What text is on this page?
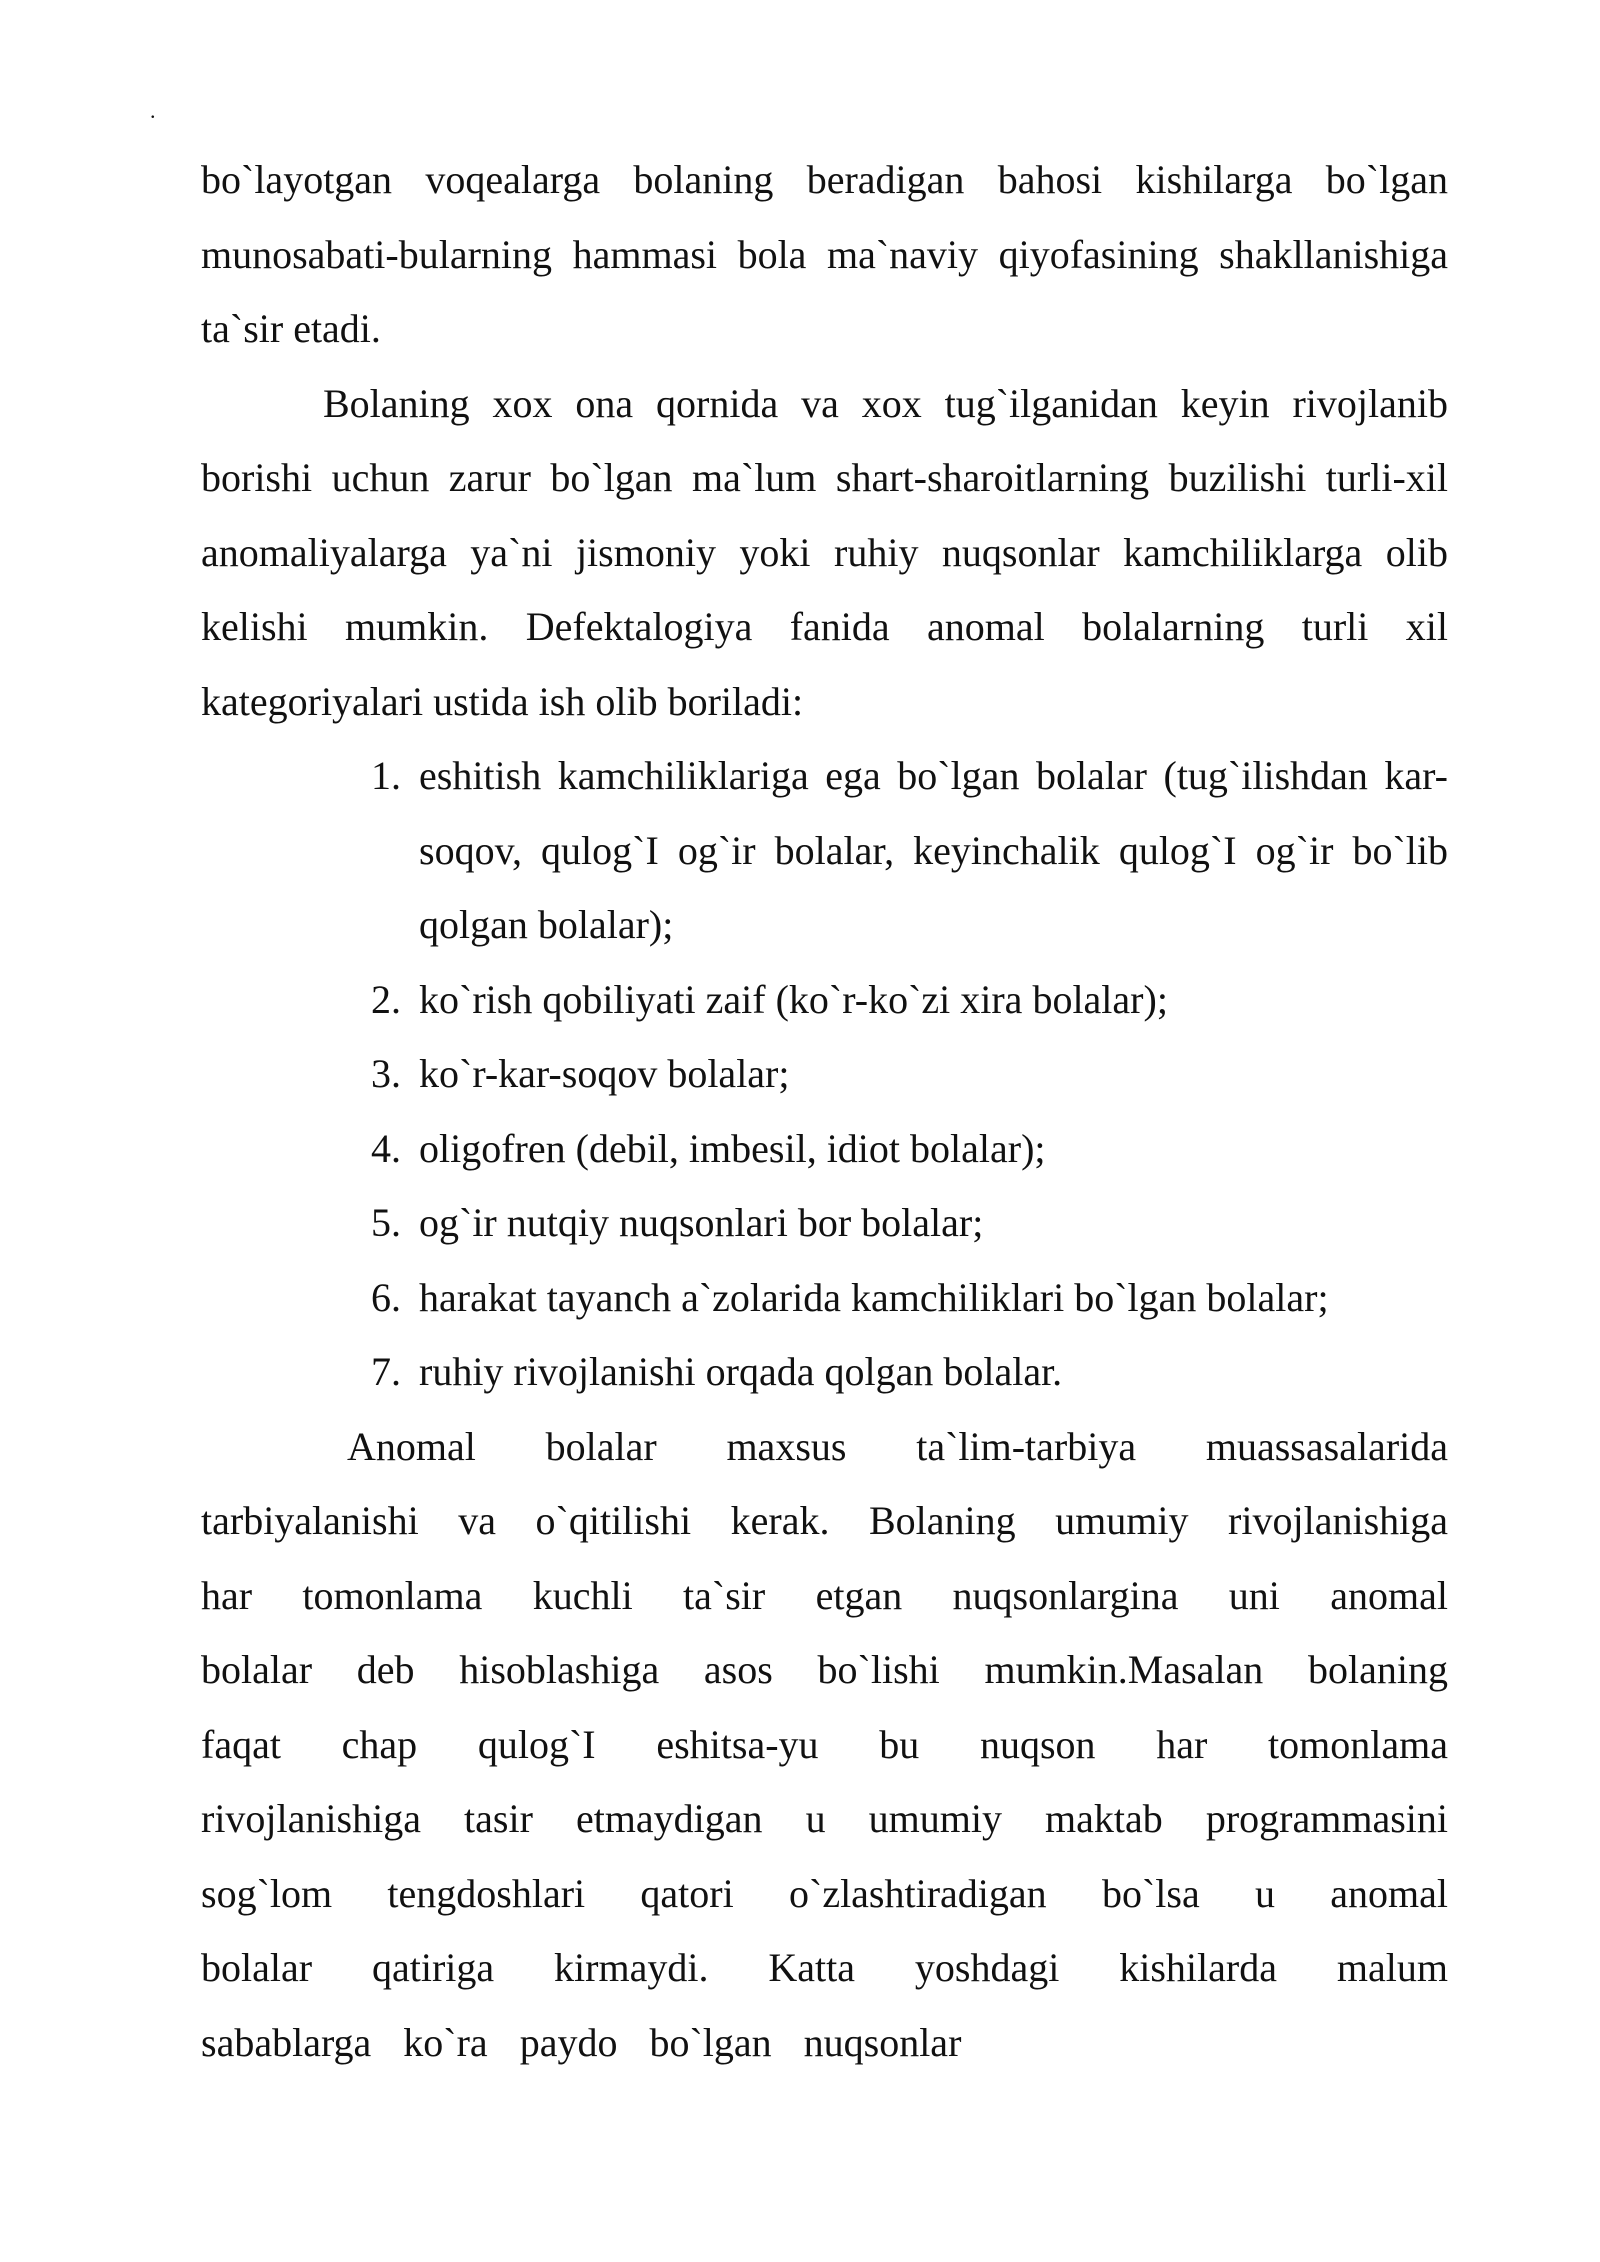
.

bo`layotgan voqealarga bolaning beradigan bahosi kishilarga bo`lgan munosabati-bularning hammasi bola ma`naviy qiyofasining shakllanishiga ta`sir etadi.

Bolaning xox ona qornida va xox tug`ilganidan keyin rivojlanib borishi uchun zarur bo`lgan ma`lum shart-sharoitlarning buzilishi turli-xil anomaliyalarga ya`ni jismoniy yoki ruhiy nuqsonlar kamchiliklarga olib kelishi mumkin. Defektalogiya fanida anomal bolalarning turli xil kategoriyalari ustida ish olib boriladi:

1. eshitish kamchiliklariga ega bo`lgan bolalar (tug`ilishdan kar-soqov, qulog`I og`ir bolalar, keyinchalik qulog`I og`ir bo`lib qolgan bolalar);
2. ko`rish qobiliyati zaif (ko`r-ko`zi xira bolalar);
3. ko`r-kar-soqov bolalar;
4. oligofren (debil, imbesil, idiot bolalar);
5. og`ir nutqiy nuqsonlari bor bolalar;
6. harakat tayanch a`zolarida kamchiliklari bo`lgan bolalar;
7. ruhiy rivojlanishi orqada qolgan bolalar.

Anomal bolalar maxsus ta`lim-tarbiya muassasalarida tarbiyalanishi va o`qitilishi kerak. Bolaning umumiy rivojlanishiga har tomonlama kuchli ta`sir etgan nuqsonlargina uni anomal bolalar deb hisoblashiga asos bo`lishi mumkin.Masalan bolaning faqat chap qulog`I eshitsa-yu bu nuqson har tomonlama rivojlanishiga tasir etmaydigan u umumiy maktab programmasini sog`lom tengdoshlari qatori o`zlashtiradigan bo`lsa u anomal bolalar qatiriga kirmaydi. Katta yoshdagi kishilarda malum sabablarga ko`ra paydo bo`lgan nuqsonlar
